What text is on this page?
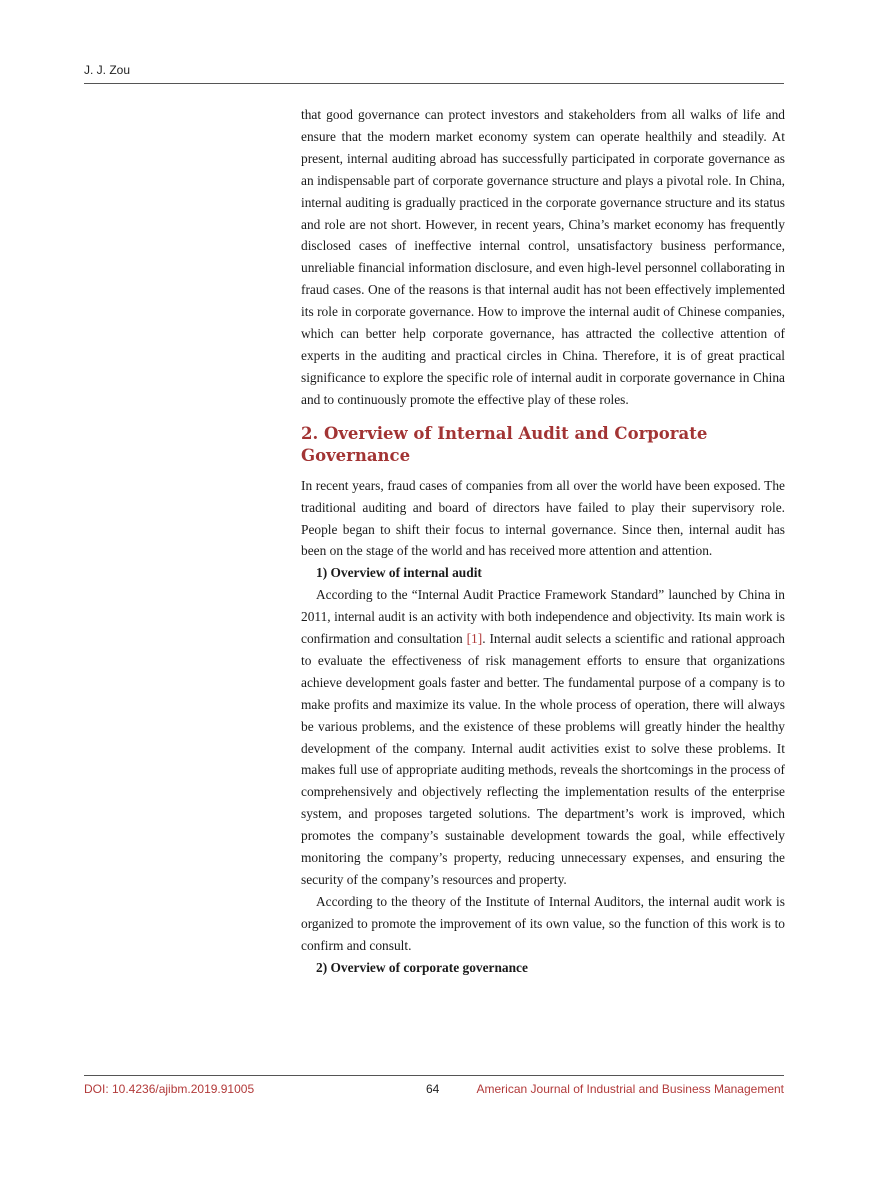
J. J. Zou

that good governance can protect investors and stakeholders from all walks of life and ensure that the modern market economy system can operate healthily and steadily. At present, internal auditing abroad has successfully participated in corporate governance as an indispensable part of corporate governance structure and plays a pivotal role. In China, internal auditing is gradually practiced in the corporate governance structure and its status and role are not short. However, in recent years, China’s market economy has frequently disclosed cases of ineffective internal control, unsatisfactory business performance, unreliable financial information disclosure, and even high-level personnel collaborating in fraud cases. One of the reasons is that internal audit has not been effectively implemented its role in corporate governance. How to improve the internal audit of Chinese companies, which can better help corporate governance, has attracted the collective attention of experts in the auditing and practical circles in China. Therefore, it is of great practical significance to explore the specific role of internal audit in corporate governance in China and to continuously promote the effective play of these roles.

2. Overview of Internal Audit and Corporate Governance

In recent years, fraud cases of companies from all over the world have been exposed. The traditional auditing and board of directors have failed to play their supervisory role. People began to shift their focus to internal governance. Since then, internal audit has been on the stage of the world and has received more attention and attention.

1) Overview of internal audit

According to the “Internal Audit Practice Framework Standard” launched by China in 2011, internal audit is an activity with both independence and objectivity. Its main work is confirmation and consultation [1]. Internal audit selects a scientific and rational approach to evaluate the effectiveness of risk management efforts to ensure that organizations achieve development goals faster and better. The fundamental purpose of a company is to make profits and maximize its value. In the whole process of operation, there will always be various problems, and the existence of these problems will greatly hinder the healthy development of the company. Internal audit activities exist to solve these problems. It makes full use of appropriate auditing methods, reveals the shortcomings in the process of comprehensively and objectively reflecting the implementation results of the enterprise system, and proposes targeted solutions. The department’s work is improved, which promotes the company’s sustainable development towards the goal, while effectively monitoring the company’s property, reducing unnecessary expenses, and ensuring the security of the company’s resources and property.

According to the theory of the Institute of Internal Auditors, the internal audit work is organized to promote the improvement of its own value, so the function of this work is to confirm and consult.

2) Overview of corporate governance

DOI: 10.4236/ajibm.2019.91005	64	American Journal of Industrial and Business Management
